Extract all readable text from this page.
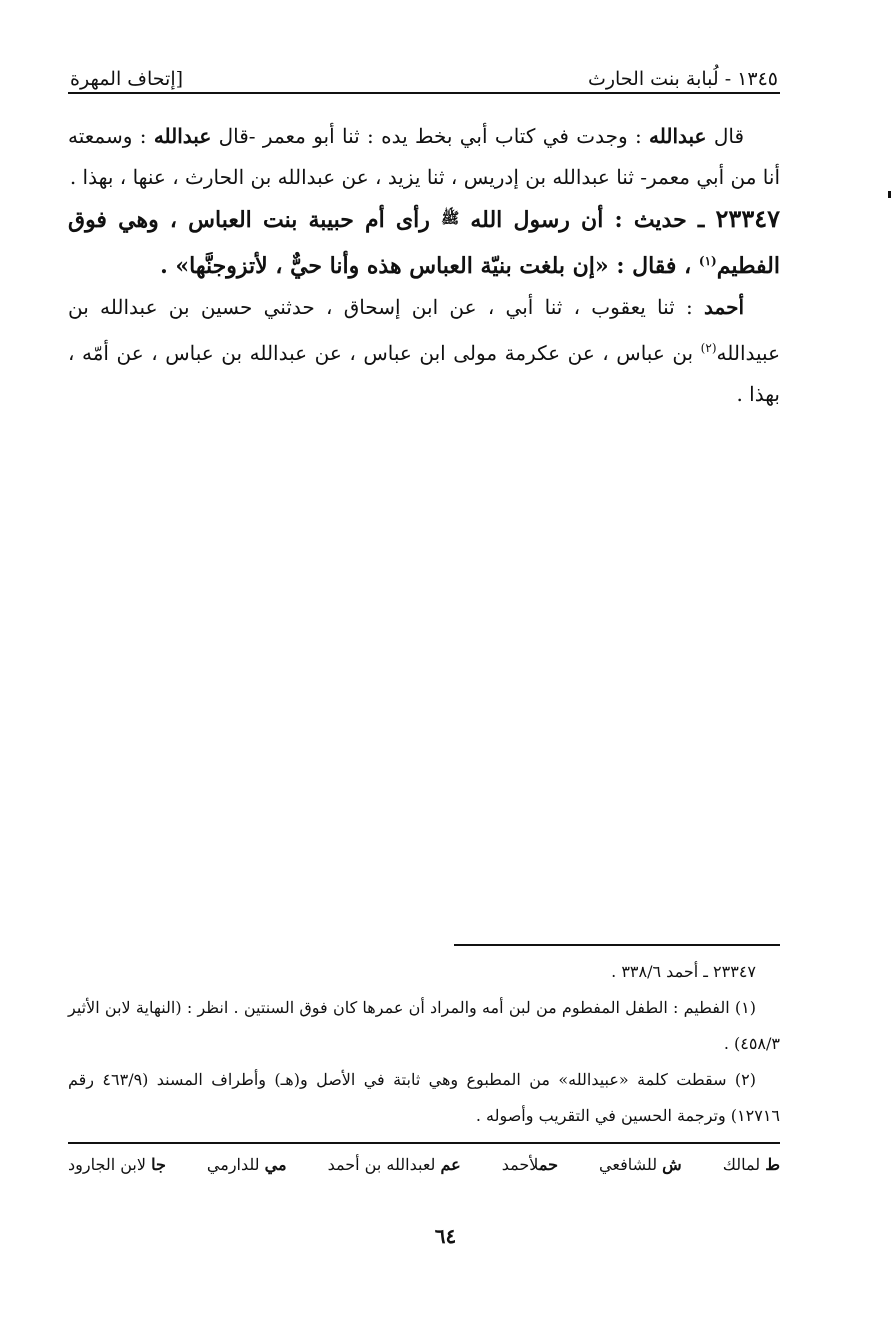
١٣٤٥ - لُبابة بنت الحارث
[إتحاف المهرة

قال عبدالله : وجدت في كتاب أبي بخط يده : ثنا أبو معمر -قال عبدالله : وسمعته أنا من أبي معمر- ثنا عبدالله بن إدريس ، ثنا يزيد ، عن عبدالله بن الحارث ، عنها ، بهذا .

٢٣٣٤٧ ـ حديث : أن رسول الله ﷺ رأى أم حبيبة بنت العباس ، وهي فوق الفطيم$^{(١)}$ ، فقال : «إن بلغت بنيّة العباس هذه وأنا حيٌّ ، لأتزوجنَّها» .

أحمد : ثنا يعقوب ، ثنا أبي ، عن ابن إسحاق ، حدثني حسين بن عبدالله بن عبيدالله$^{(٢)}$ بن عباس ، عن عكرمة مولى ابن عباس ، عن عبدالله بن عباس ، عن أمّه ، بهذا .

٢٣٣٤٧ ـ أحمد ٣٣٨/٦ .

(١) الفطيم : الطفل المفطوم من لبن أمه والمراد أن عمرها كان فوق السنتين . انظر : (النهاية لابن الأثير ٤٥٨/٣) .

(٢) سقطت كلمة «عبيدالله» من المطبوع وهي ثابتة في الأصل و(هـ) وأطراف المسند (٤٦٣/٩ رقم ١٢٧١٦) وترجمة الحسين في التقريب وأصوله .

ط لمالك
ش للشافعي
حملأحمد
عم لعبدالله بن أحمد
مي للدارمي
جا لابن الجارود
٦٤
